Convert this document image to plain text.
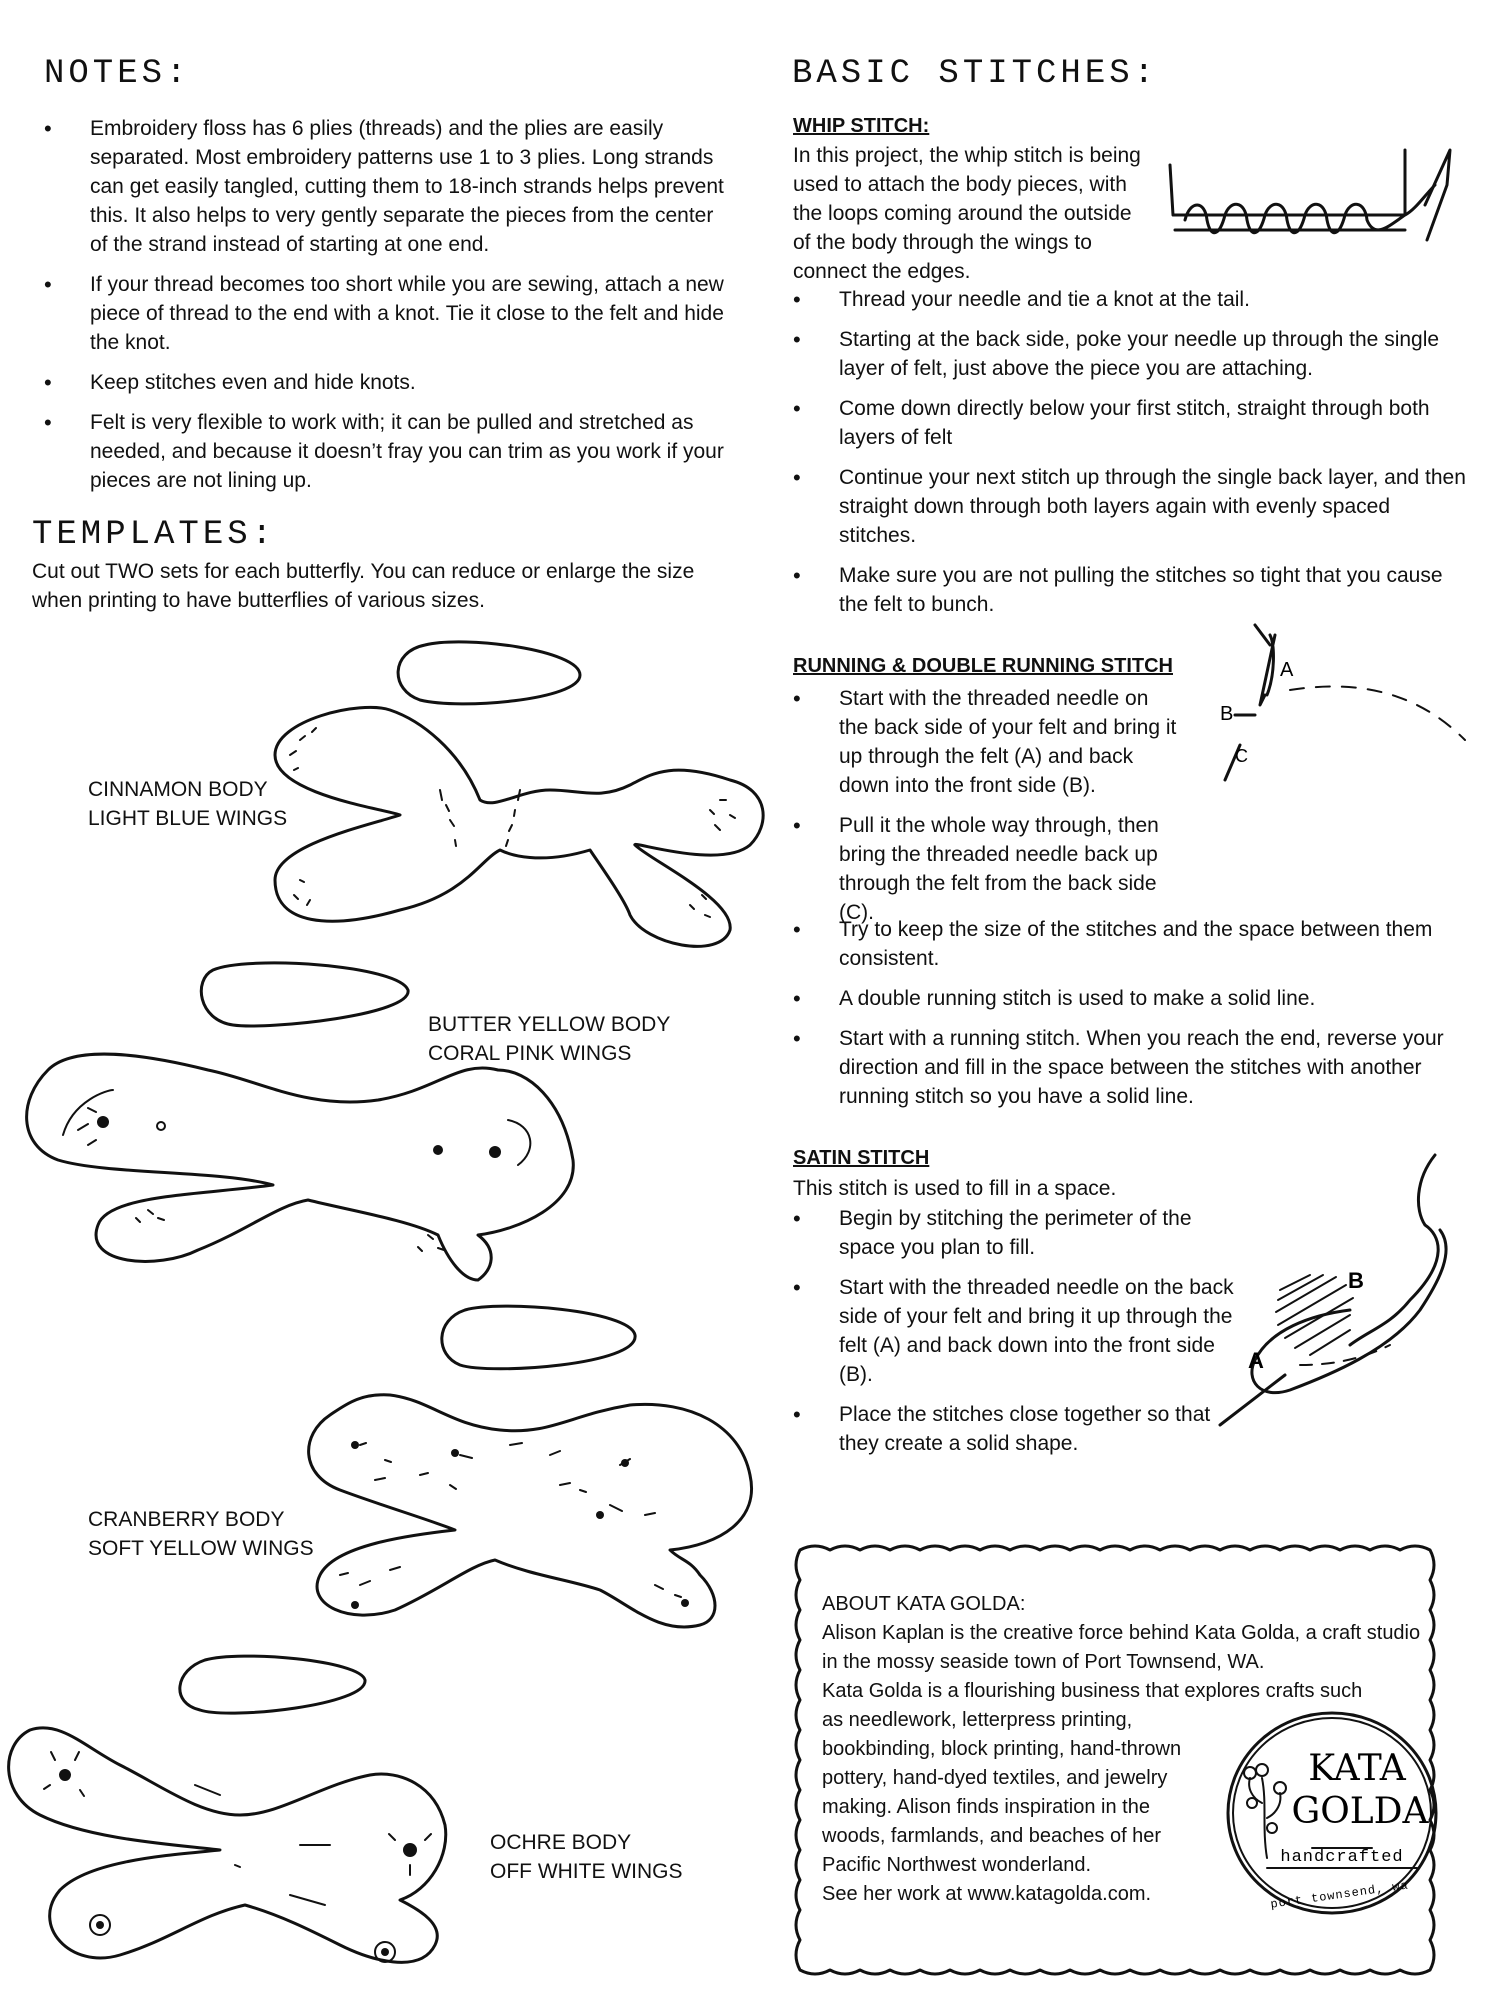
NOTES:
• Embroidery floss has 6 plies (threads) and the plies are easily separated. Most embroidery patterns use 1 to 3 plies. Long strands can get easily tangled, cutting them to 18-inch strands helps prevent this. It also helps to very gently separate the pieces from the center of the strand instead of starting at one end.
• If your thread becomes too short while you are sewing, attach a new piece of thread to the end with a knot. Tie it close to the felt and hide the knot.
• Keep stitches even and hide knots.
• Felt is very flexible to work with; it can be pulled and stretched as needed, and because it doesn’t fray you can trim as you work if your pieces are not lining up.
TEMPLATES:
Cut out TWO sets for each butterfly. You can reduce or enlarge the size when printing to have butterflies of various sizes.
CINNAMON BODY
LIGHT BLUE WINGS
BUTTER YELLOW BODY
CORAL PINK WINGS
CRANBERRY BODY
SOFT YELLOW WINGS
OCHRE BODY
OFF WHITE WINGS
BASIC STITCHES:
WHIP STITCH:
In this project, the whip stitch is being used to attach the body pieces, with the loops coming around the outside of the body through the wings to connect the edges.
• Thread your needle and tie a knot at the tail.
• Starting at the back side, poke your needle up through the single layer of felt, just above the piece you are attaching.
• Come down directly below your first stitch, straight through both layers of felt
• Continue your next stitch up through the single back layer, and then straight down through both layers again with evenly spaced stitches.
• Make sure you are not pulling the stitches so tight that you cause the felt to bunch.
RUNNING & DOUBLE RUNNING STITCH
• Start with the threaded needle on the back side of your felt and bring it up through the felt (A) and back down into the front side (B).
• Pull it the whole way through, then bring the threaded needle back up through the felt from the back side (C).
• Try to keep the size of the stitches and the space between them consistent.
• A double running stitch is used to make a solid line.
• Start with a running stitch. When you reach the end, reverse your direction and fill in the space between the stitches with another running stitch so you have a solid line.
A
B
C
SATIN STITCH
This stitch is used to fill in a space.
• Begin by stitching the perimeter of the space you plan to fill.
• Start with the threaded needle on the back side of your felt and bring it up through the felt (A) and back down into the front side (B).
• Place the stitches close together so that they create a solid shape.
A
B
ABOUT KATA GOLDA:
Alison Kaplan is the creative force behind Kata Golda, a craft studio
in the mossy seaside town of Port Townsend, WA.
Kata Golda is a flourishing business that explores crafts such
as needlework, letterpress printing,
bookbinding, block printing, hand-thrown
pottery, hand-dyed textiles, and jewelry
making. Alison finds inspiration in the
woods, farmlands, and beaches of her
Pacific Northwest wonderland.
See her work at www.katagolda.com.
KATA
GOLDA
handcrafted
port townsend, wa
